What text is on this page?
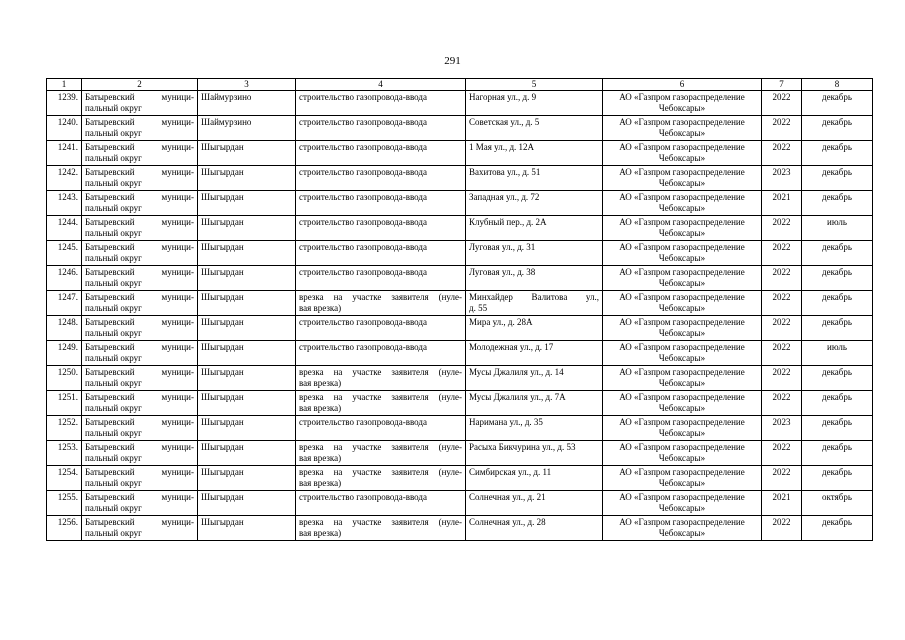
291
1	2	3	4	5	6	7	8

1239.	Батыревский муници-
пальный округ	Шаймурзино	строительство газопровода-ввода	Нагорная ул., д. 9	АО «Газпром газораспределение
Чебоксары»	2022	декабрь

1240.	Батыревский муници-
пальный округ	Шаймурзино	строительство газопровода-ввода	Советская ул., д. 5	АО «Газпром газораспределение
Чебоксары»	2022	декабрь

1241.	Батыревский муници-
пальный округ	Шыгырдан	строительство газопровода-ввода	1 Мая ул., д. 12А	АО «Газпром газораспределение
Чебоксары»	2022	декабрь

1242.	Батыревский муници-
пальный округ	Шыгырдан	строительство газопровода-ввода	Вахитова ул., д. 51	АО «Газпром газораспределение
Чебоксары»	2023	декабрь

1243.	Батыревский муници-
пальный округ	Шыгырдан	строительство газопровода-ввода	Западная ул., д. 72	АО «Газпром газораспределение
Чебоксары»	2021	декабрь

1244.	Батыревский муници-
пальный округ	Шыгырдан	строительство газопровода-ввода	Клубный пер., д. 2А	АО «Газпром газораспределение
Чебоксары»	2022	июль

1245.	Батыревский муници-
пальный округ	Шыгырдан	строительство газопровода-ввода	Луговая ул., д. 31	АО «Газпром газораспределение
Чебоксары»	2022	декабрь

1246.	Батыревский муници-
пальный округ	Шыгырдан	строительство газопровода-ввода	Луговая ул., д. 38	АО «Газпром газораспределение
Чебоксары»	2022	декабрь

1247.	Батыревский муници-
пальный округ	Шыгырдан	врезка на участке заявителя (нуле-
вая врезка)	Минхайдер Валитова ул.,
д. 55	АО «Газпром газораспределение
Чебоксары»	2022	декабрь

1248.	Батыревский муници-
пальный округ	Шыгырдан	строительство газопровода-ввода	Мира ул., д. 28А	АО «Газпром газораспределение
Чебоксары»	2022	декабрь

1249.	Батыревский муници-
пальный округ	Шыгырдан	строительство газопровода-ввода	Молодежная ул., д. 17	АО «Газпром газораспределение
Чебоксары»	2022	июль

1250.	Батыревский муници-
пальный округ	Шыгырдан	врезка на участке заявителя (нуле-
вая врезка)	Мусы Джалиля ул., д. 14	АО «Газпром газораспределение
Чебоксары»	2022	декабрь

1251.	Батыревский муници-
пальный округ	Шыгырдан	врезка на участке заявителя (нуле-
вая врезка)	Мусы Джалиля ул., д. 7А	АО «Газпром газораспределение
Чебоксары»	2022	декабрь

1252.	Батыревский муници-
пальный округ	Шыгырдан	строительство газопровода-ввода	Наримана ул., д. 35	АО «Газпром газораспределение
Чебоксары»	2023	декабрь

1253.	Батыревский муници-
пальный округ	Шыгырдан	врезка на участке заявителя (нуле-
вая врезка)	Расыха Бикчурина ул., д. 53	АО «Газпром газораспределение
Чебоксары»	2022	декабрь

1254.	Батыревский муници-
пальный округ	Шыгырдан	врезка на участке заявителя (нуле-
вая врезка)	Симбирская ул., д. 11	АО «Газпром газораспределение
Чебоксары»	2022	декабрь

1255.	Батыревский муници-
пальный округ	Шыгырдан	строительство газопровода-ввода	Солнечная ул., д. 21	АО «Газпром газораспределение
Чебоксары»	2021	октябрь

1256.	Батыревский муници-
пальный округ	Шыгырдан	врезка на участке заявителя (нуле-
вая врезка)	Солнечная ул., д. 28	АО «Газпром газораспределение
Чебоксары»	2022	декабрь
